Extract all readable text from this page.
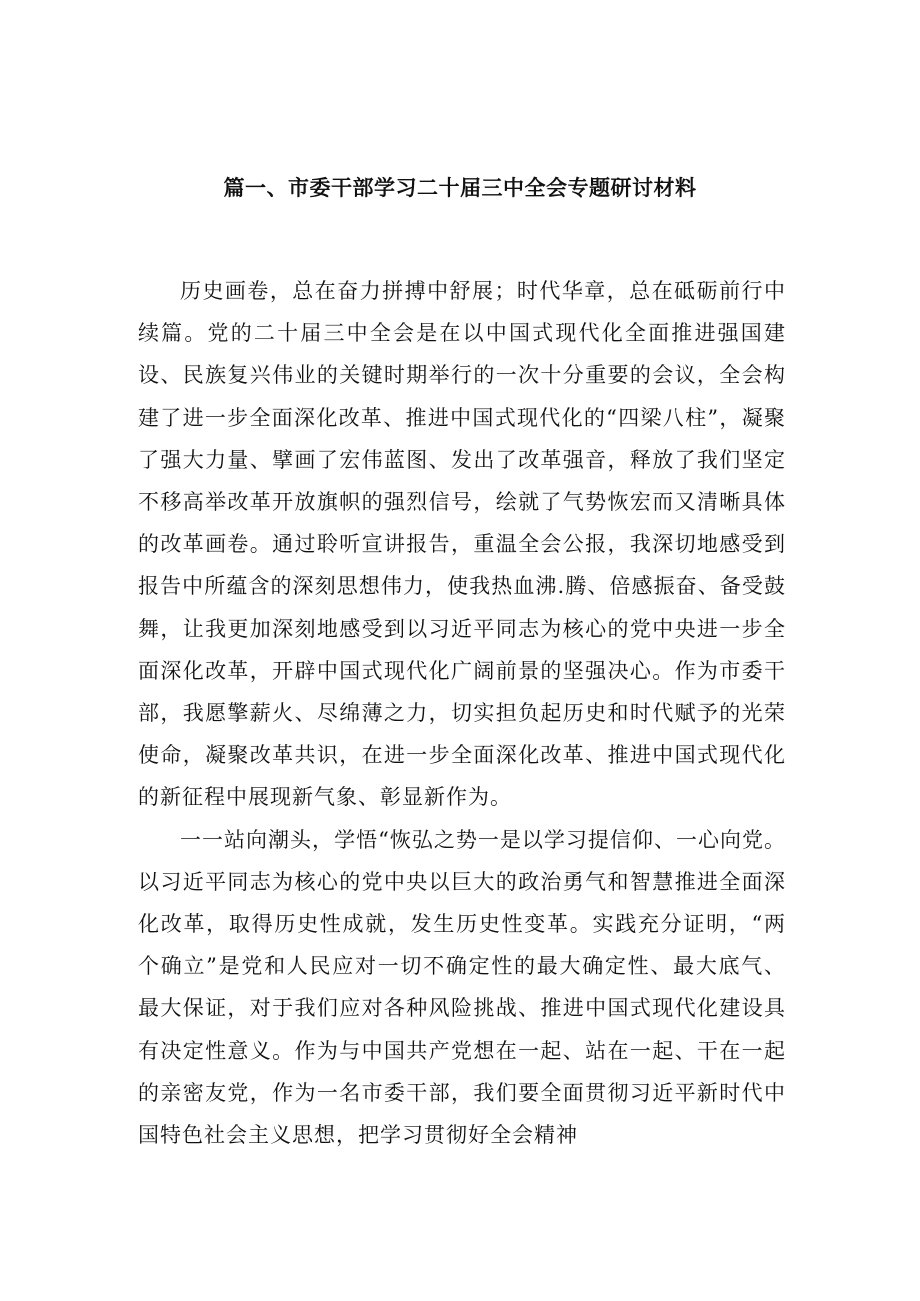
篇一、市委干部学习二十届三中全会专题研讨材料

历史画卷，总在奋力拼搏中舒展；时代华章，总在砥砺前行中续篇。党的二十届三中全会是在以中国式现代化全面推进强国建设、民族复兴伟业的关键时期举行的一次十分重要的会议，全会构建了进一步全面深化改革、推进中国式现代化的“四梁八柱”，凝聚了强大力量、擘画了宏伟蓝图、发出了改革强音，释放了我们坚定不移高举改革开放旗帜的强烈信号，绘就了气势恢宏而又清晰具体的改革画卷。通过聆听宣讲报告，重温全会公报，我深切地感受到报告中所蕴含的深刻思想伟力，使我热血沸.腾、倍感振奋、备受鼓舞，让我更加深刻地感受到以习近平同志为核心的党中央进一步全面深化改革，开辟中国式现代化广阔前景的坚强决心。作为市委干部，我愿擎薪火、尽绵薄之力，切实担负起历史和时代赋予的光荣使命，凝聚改革共识，在进一步全面深化改革、推进中国式现代化的新征程中展现新气象、彰显新作为。

一一站向潮头，学悟“恢弘之势一是以学习提信仰、一心向党。以习近平同志为核心的党中央以巨大的政治勇气和智慧推进全面深化改革，取得历史性成就，发生历史性变革。实践充分证明，“两个确立”是党和人民应对一切不确定性的最大确定性、最大底气、最大保证，对于我们应对各种风险挑战、推进中国式现代化建设具有决定性意义。作为与中国共产党想在一起、站在一起、干在一起的亲密友党，作为一名市委干部，我们要全面贯彻习近平新时代中国特色社会主义思想，把学习贯彻好全会精神
